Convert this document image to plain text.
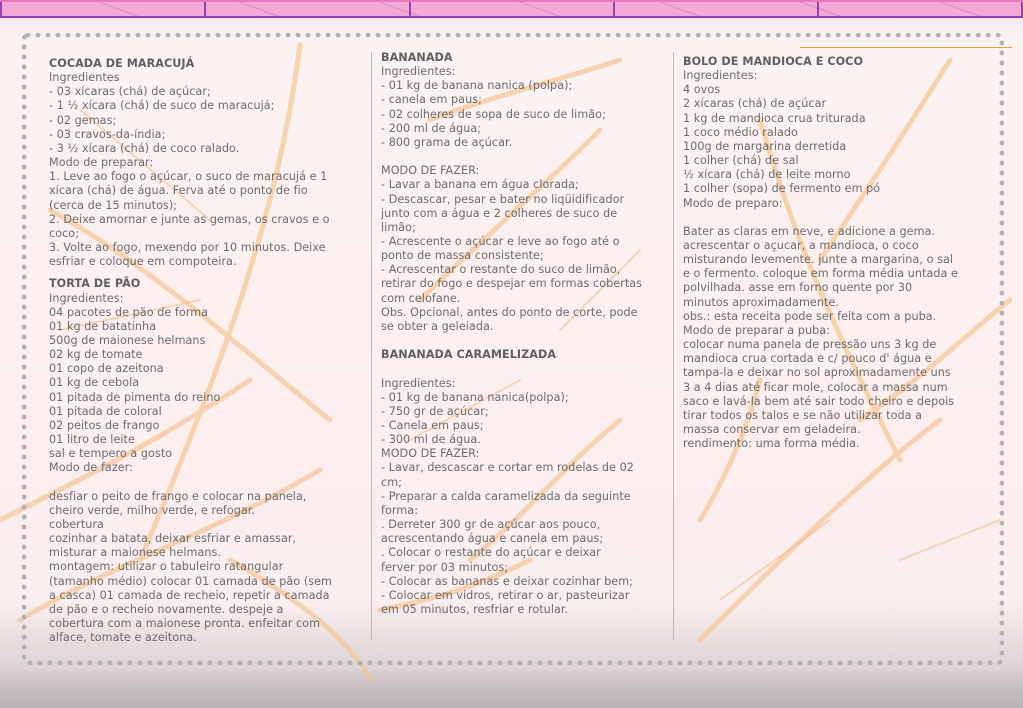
COCADA DE MARACUJÁ
Ingredientes
- 03 xícaras (chá) de açúcar;
- 1 ½ xícara (chá) de suco de maracujá;
- 02 gemas;
- 03 cravos-da-índia;
- 3 ½ xícara (chá) de coco ralado.
Modo de preparar:
1. Leve ao fogo o açúcar, o suco de maracujá e 1
xícara (chá) de água. Ferva até o ponto de fio
(cerca de 15 minutos);
2. Deixe amornar e junte as gemas, os cravos e o
coco;
3. Volte ao fogo, mexendo por 10 minutos. Deixe
esfriar e coloque em compoteira.
TORTA DE PÃO
Ingredientes:
04 pacotes de pão de forma
01 kg de batatinha
500g de maionese helmans
02 kg de tomate
01 copo de azeitona
01 kg de cebola
01 pitada de pimenta do reino
01 pitada de coloral
02 peitos de frango
01 litro de leite
sal e tempero a gosto
Modo de fazer:
desfiar o peito de frango e colocar na panela,
cheiro verde, milho verde, e refogar.
cobertura
cozinhar a batata, deixar esfriar e amassar,
misturar a maionese helmans.
montagem: utilizar o tabuleiro ratangular
(tamanho médio) colocar 01 camada de pão (sem
a casca) 01 camada de recheio, repetir a camada
de pão e o recheio novamente. despeje a
cobertura com a maionese pronta. enfeitar com
alface, tomate e azeitona.
BANANADA
Ingredientes:
- 01 kg de banana nanica (polpa);
- canela em paus;
- 02 colheres de sopa de suco de limão;
- 200 ml de água;
- 800 grama de açúcar.
MODO DE FAZER:
- Lavar a banana em água clorada;
- Descascar, pesar e bater no liqüidificador
junto com a água e 2 colheres de suco de
limão;
- Acrescente o açúcar e leve ao fogo até o
ponto de massa consistente;
- Acrescentar o restante do suco de limão,
retirar do fogo e despejar em formas cobertas
com celofane.
Obs. Opcional, antes do ponto de corte, pode
se obter a geleiada.
BANANADA CARAMELIZADA
Ingredientes:
- 01 kg de banana nanica(polpa);
- 750 gr de açúcar;
- Canela em paus;
- 300 ml de água.
MODO DE FAZER:
- Lavar, descascar e cortar em rodelas de 02
cm;
- Preparar a calda caramelizada da seguinte
forma:
. Derreter 300 gr de açúcar aos pouco,
acrescentando água e canela em paus;
. Colocar o restante do açúcar e deixar
ferver por 03 minutos;
- Colocar as bananas e deixar cozinhar bem;
- Colocar em vidros, retirar o ar, pasteurizar
em 05 minutos, resfriar e rotular.
BOLO DE MANDIOCA E COCO
Ingredientes:
4 ovos
2 xícaras (chá) de açúcar
1 kg de mandioca crua triturada
1 coco médio ralado
100g de margarina derretida
1 colher (chá) de sal
½ xícara (chá) de leite morno
1 colher (sopa) de fermento em pó
Modo de preparo:
Bater as claras em neve, e adicione a gema.
acrescentar o açucar, a mandioca, o coco
misturando levemente. junte a margarina, o sal
e o fermento. coloque em forma média untada e
polvilhada. asse em forno quente por 30
minutos aproximadamente.
obs.: esta receita pode ser feita com a puba.
Modo de preparar a puba:
colocar numa panela de pressão uns 3 kg de
mandioca crua cortada e c/ pouco d' água e
tampa-la e deixar no sol aproximadamente uns
3 a 4 dias até ficar mole, colocar a massa num
saco e lavá-la bem até sair todo cheiro e depois
tirar todos os talos e se não utilizar toda a
massa conservar em geladeira.
rendimento: uma forma média.
